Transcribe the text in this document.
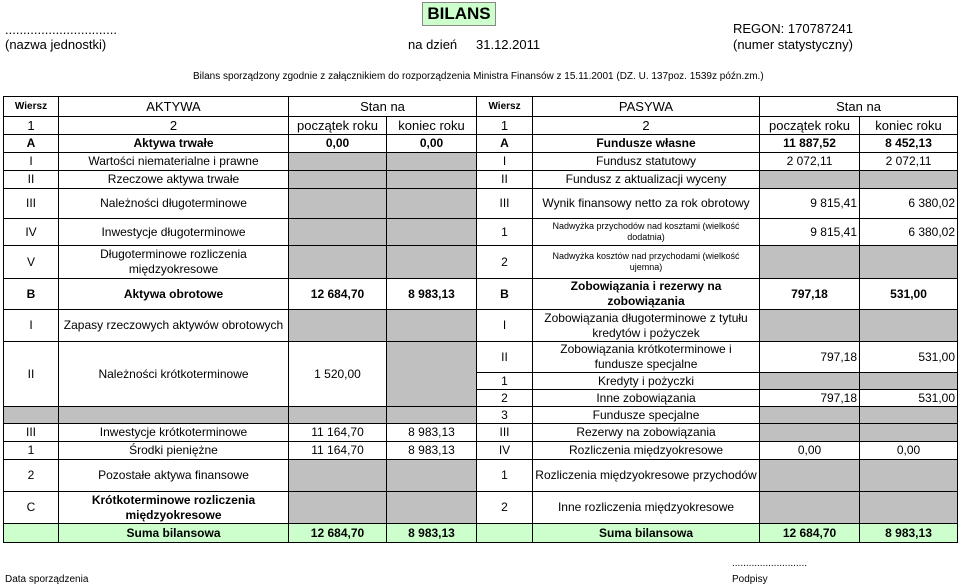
BILANS
...............................
(nazwa jednostki)	na dzień 31.12.2011
REGON: 170787241
(numer statystyczny)
Bilans sporządzony zgodnie z załącznikiem do rozporządzenia Ministra Finansów z 15.11.2001 (DZ. U. 137poz. 1539z późn.zm.)
Wiersz	AKTYWA	Stan na		Wiersz	PASYWA	Stan na	
1	2	początek roku	koniec roku	1	2	początek roku	koniec roku
A	Aktywa trwałe	0,00	0,00	A	Fundusze własne	11 887,52	8 452,13
I	Wartości niematerialne i prawne			I	Fundusz statutowy	2 072,11	2 072,11
II	Rzeczowe aktywa trwałe			II	Fundusz z aktualizacji wyceny		
III	Należności długoterminowe			III	Wynik finansowy netto za rok obrotowy	9 815,41	6 380,02
IV	Inwestycje długoterminowe			1	Nadwyżka przychodów nad kosztami (wielkość dodatnia)	9 815,41	6 380,02
V	Długoterminowe rozliczenia międzyokresowe			2	Nadwyżka kosztów nad przychodami (wielkość ujemna)		
B	Aktywa obrotowe	12 684,70	8 983,13	B	Zobowiązania i rezerwy na zobowiązania	797,18	531,00
I	Zapasy rzeczowych aktywów obrotowych			I	Zobowiązania długoterminowe z tytułu kredytów i pożyczek		
II	Należności krótkoterminowe	1 520,00		II	Zobowiązania krótkoterminowe i fundusze specjalne	797,18	531,00
				1	Kredyty i pożyczki		
				2	Inne zobowiązania	797,18	531,00
				3	Fundusze specjalne		
III	Inwestycje krótkoterminowe	11 164,70	8 983,13	III	Rezerwy na zobowiązania		
1	Środki pieniężne	11 164,70	8 983,13	IV	Rozliczenia międzyokresowe	0,00	0,00
2	Pozostałe aktywa finansowe			1	Rozliczenia międzyokresowe przychodów		
C	Krótkoterminowe rozliczenia międzyokresowe			2	Inne rozliczenia międzyokresowe		
	Suma bilansowa	12 684,70	8 983,13		Suma bilansowa	12 684,70	8 983,13
Data sporządzenia
...........................
Podpisy
